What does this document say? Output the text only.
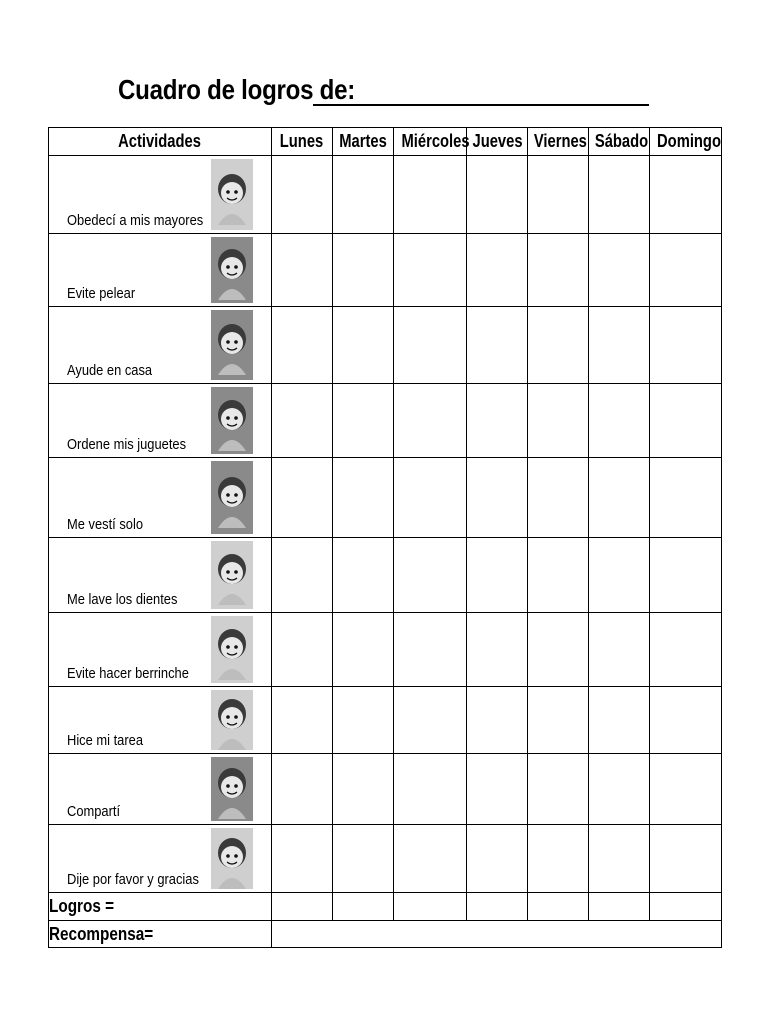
Cuadro de logros de:
Actividades	Lunes	Martes	Miércoles	Jueves	Viernes	Sábado	Domingo

Obedecí a mis mayores							

Evite pelear							

Ayude en casa							

Ordene mis juguetes							

Me vestí solo							

Me lave los dientes							

Evite hacer berrinche							

Hice mi tarea							

Compartí							

Dije por favor y gracias							

Logros =							
Recompensa=							
